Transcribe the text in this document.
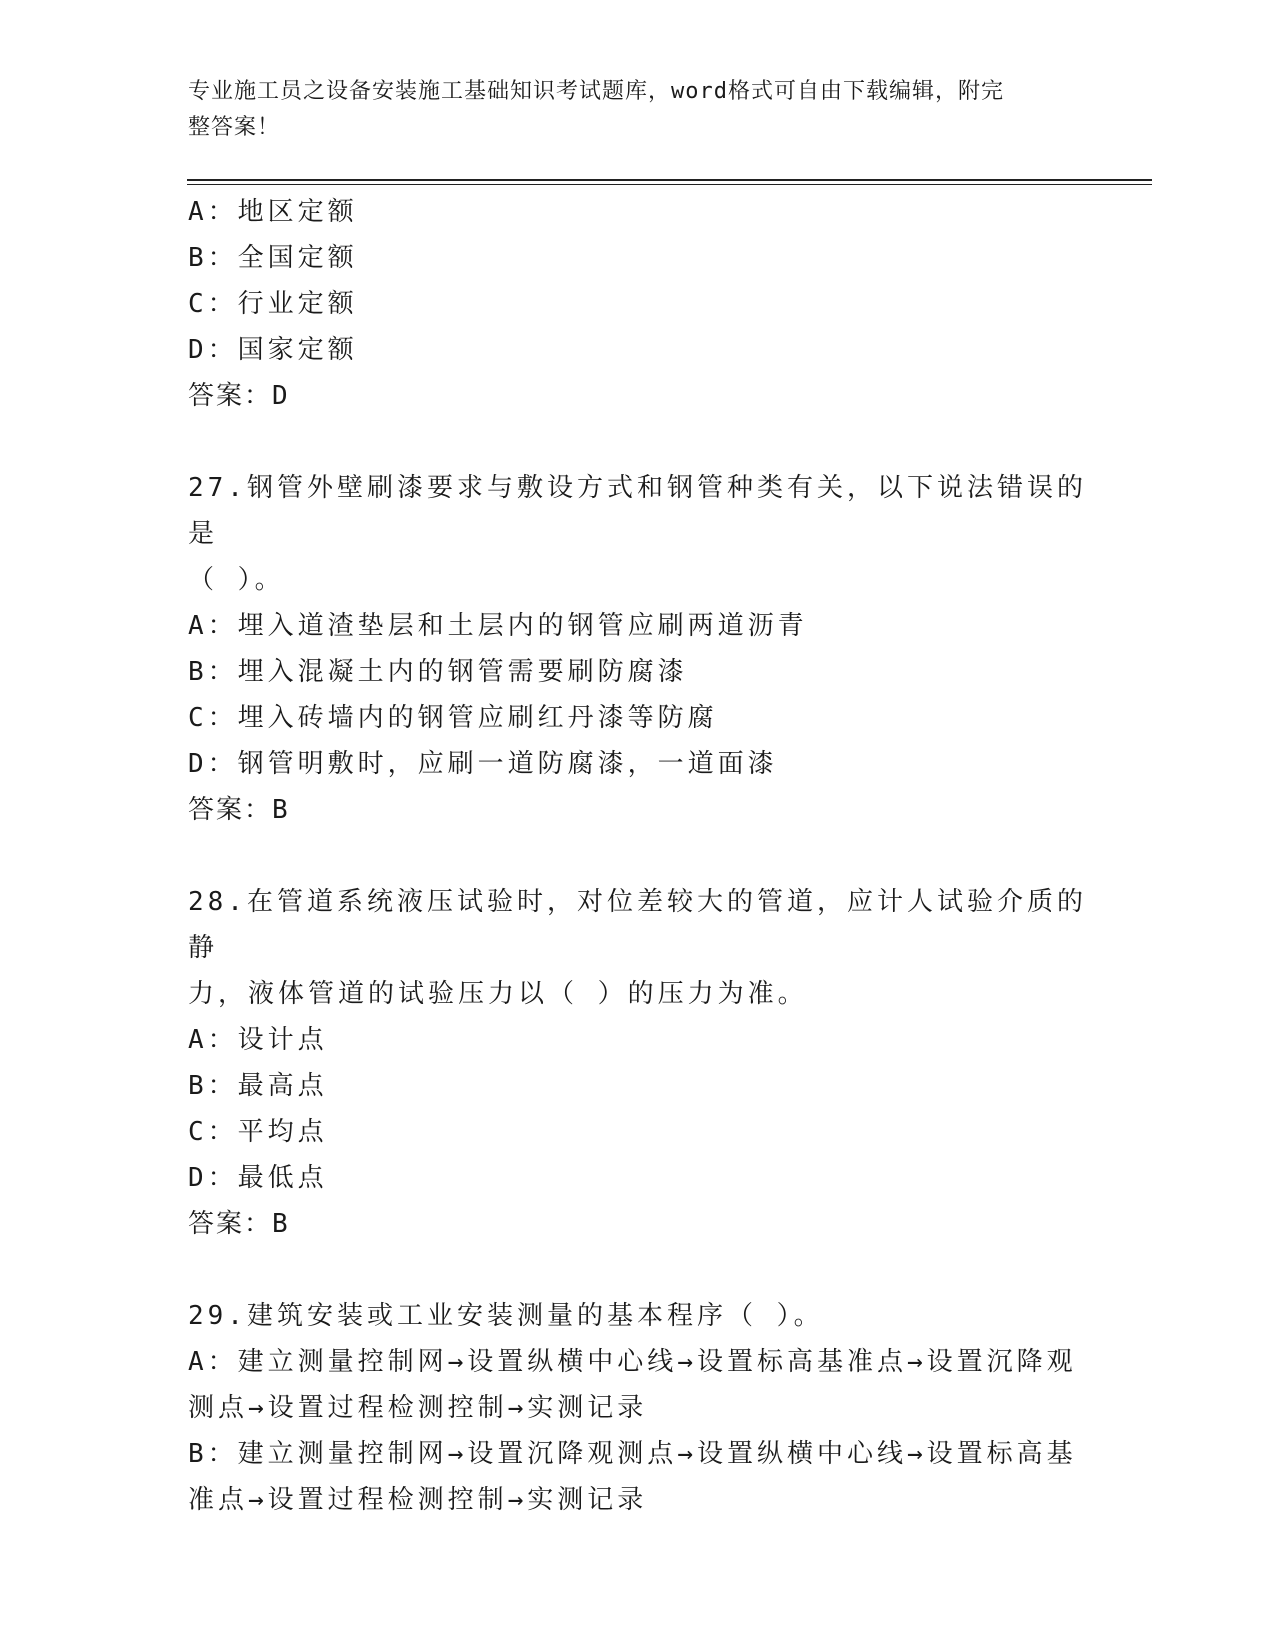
专业施工员之设备安装施工基础知识考试题库，word格式可自由下载编辑，附完
整答案！
A：地区定额
B：全国定额
C：行业定额
D：国家定额
答案：D
27.钢管外壁刷漆要求与敷设方式和钢管种类有关，以下说法错误的是
（ ）。
A：埋入道渣垫层和土层内的钢管应刷两道沥青
B：埋入混凝土内的钢管需要刷防腐漆
C：埋入砖墙内的钢管应刷红丹漆等防腐
D：钢管明敷时，应刷一道防腐漆，一道面漆
答案：B
28.在管道系统液压试验时，对位差较大的管道，应计人试验介质的静
力，液体管道的试验压力以（ ）的压力为准。
A：设计点
B：最高点
C：平均点
D：最低点
答案：B
29.建筑安装或工业安装测量的基本程序（ ）。
A：建立测量控制网→设置纵横中心线→设置标高基准点→设置沉降观
测点→设置过程检测控制→实测记录
B：建立测量控制网→设置沉降观测点→设置纵横中心线→设置标高基
准点→设置过程检测控制→实测记录
